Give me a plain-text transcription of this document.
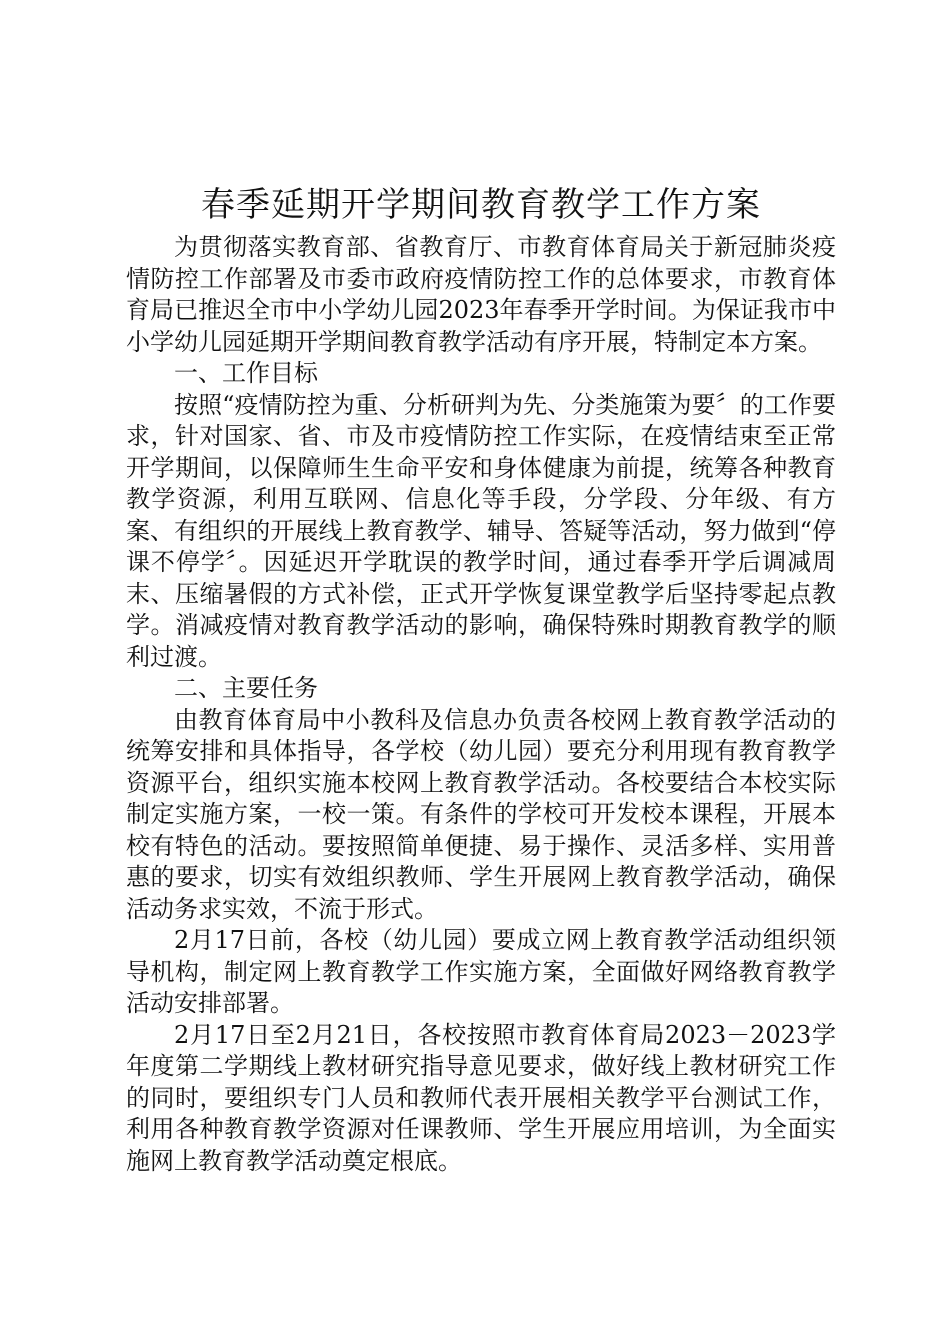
春季延期开学期间教育教学工作方案

为贯彻落实教育部、省教育厅、市教育体育局关于新冠肺炎疫情防控工作部署及市委市政府疫情防控工作的总体要求，市教育体育局已推迟全市中小学幼儿园2023年春季开学时间。为保证我市中小学幼儿园延期开学期间教育教学活动有序开展，特制定本方案。

一、工作目标

按照“疫情防控为重、分析研判为先、分类施策为要〞的工作要求，针对国家、省、市及市疫情防控工作实际，在疫情结束至正常开学期间，以保障师生生命平安和身体健康为前提，统筹各种教育教学资源，利用互联网、信息化等手段，分学段、分年级、有方案、有组织的开展线上教育教学、辅导、答疑等活动，努力做到“停课不停学〞。因延迟开学耽误的教学时间，通过春季开学后调减周末、压缩暑假的方式补偿，正式开学恢复课堂教学后坚持零起点教学。消减疫情对教育教学活动的影响，确保特殊时期教育教学的顺利过渡。

二、主要任务

由教育体育局中小教科及信息办负责各校网上教育教学活动的统筹安排和具体指导，各学校（幼儿园）要充分利用现有教育教学资源平台，组织实施本校网上教育教学活动。各校要结合本校实际制定实施方案，一校一策。有条件的学校可开发校本课程，开展本校有特色的活动。要按照简单便捷、易于操作、灵活多样、实用普惠的要求，切实有效组织教师、学生开展网上教育教学活动，确保活动务求实效，不流于形式。

2月17日前，各校（幼儿园）要成立网上教育教学活动组织领导机构，制定网上教育教学工作实施方案，全面做好网络教育教学活动安排部署。

2月17日至2月21日，各校按照市教育体育局2023－2023学年度第二学期线上教材研究指导意见要求，做好线上教材研究工作的同时，要组织专门人员和教师代表开展相关教学平台测试工作，利用各种教育教学资源对任课教师、学生开展应用培训，为全面实施网上教育教学活动奠定根底。
